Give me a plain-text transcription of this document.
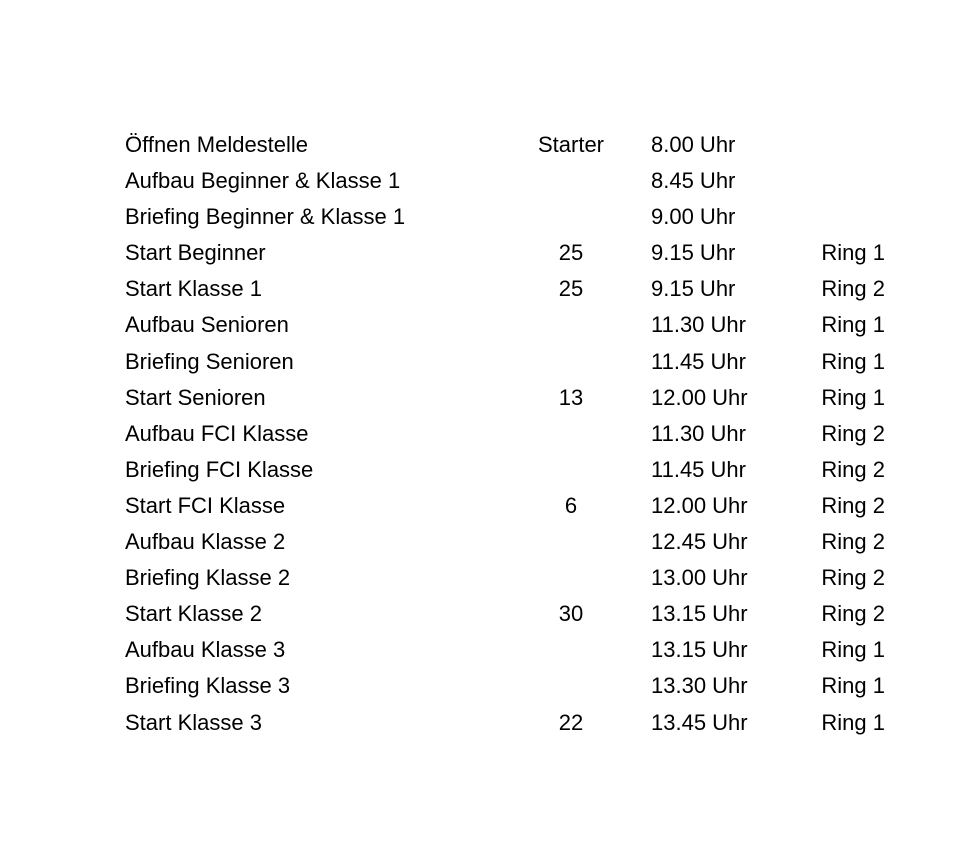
Öffnen Meldestelle	Starter	8.00 Uhr
Aufbau Beginner & Klasse 1	8.45 Uhr
Briefing Beginner & Klasse 1	9.00 Uhr
Start Beginner	25	9.15 Uhr	Ring 1
Start Klasse 1	25	9.15 Uhr	Ring 2
Aufbau Senioren	11.30 Uhr	Ring 1
Briefing Senioren	11.45 Uhr	Ring 1
Start Senioren	13	12.00 Uhr	Ring 1
Aufbau FCI Klasse	11.30 Uhr	Ring 2
Briefing FCI Klasse	11.45 Uhr	Ring 2
Start FCI Klasse	6	12.00 Uhr	Ring 2
Aufbau Klasse 2	12.45 Uhr	Ring 2
Briefing Klasse 2	13.00 Uhr	Ring 2
Start Klasse 2	30	13.15 Uhr	Ring 2
Aufbau Klasse 3	13.15 Uhr	Ring 1
Briefing Klasse 3	13.30 Uhr	Ring 1
Start Klasse 3	22	13.45 Uhr	Ring 1
